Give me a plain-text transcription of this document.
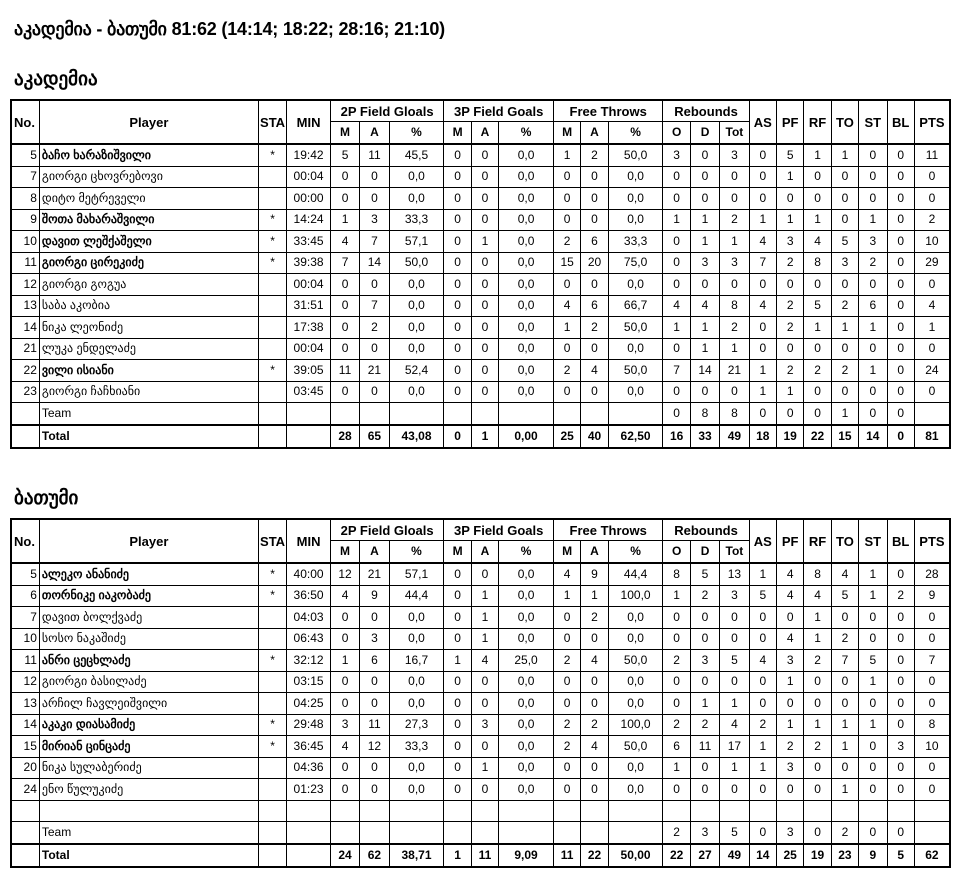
აკადემია - ბათუმი 81:62 (14:14; 18:22; 28:16; 21:10)
აკადემია
No.	Player	STA	MIN	2P Field Gloals			3P Field Goals			Free Throws			Rebounds			AS	PF	RF	TO	ST	BL	PTS
				M	A	%	M	A	%	M	A	%	O	D	Tot							
5	ბაჩო ხარაზიშვილი	*	19:42	5	11	45,5	0	0	0,0	1	2	50,0	3	0	3	0	5	1	1	0	0	11
7	გიორგი ცხოვრებოვი		00:04	0	0	0,0	0	0	0,0	0	0	0,0	0	0	0	0	1	0	0	0	0	0
8	დიტო მეტრეველი		00:00	0	0	0,0	0	0	0,0	0	0	0,0	0	0	0	0	0	0	0	0	0	0
9	შოთა მახარაშვილი	*	14:24	1	3	33,3	0	0	0,0	0	0	0,0	1	1	2	1	1	1	0	1	0	2
10	დავით ლეშქაშელი	*	33:45	4	7	57,1	0	1	0,0	2	6	33,3	0	1	1	4	3	4	5	3	0	10
11	გიორგი ცირეკიძე	*	39:38	7	14	50,0	0	0	0,0	15	20	75,0	0	3	3	7	2	8	3	2	0	29
12	გიორგი გოგუა		00:04	0	0	0,0	0	0	0,0	0	0	0,0	0	0	0	0	0	0	0	0	0	0
13	საბა აკობია		31:51	0	7	0,0	0	0	0,0	4	6	66,7	4	4	8	4	2	5	2	6	0	4
14	ნიკა ლეონიძე		17:38	0	2	0,0	0	0	0,0	1	2	50,0	1	1	2	0	2	1	1	1	0	1
21	ლუკა ენდელაძე		00:04	0	0	0,0	0	0	0,0	0	0	0,0	0	1	1	0	0	0	0	0	0	0
22	ვილი ისიანი	*	39:05	11	21	52,4	0	0	0,0	2	4	50,0	7	14	21	1	2	2	2	1	0	24
23	გიორგი ჩაჩხიანი		03:45	0	0	0,0	0	0	0,0	0	0	0,0	0	0	0	1	1	0	0	0	0	0
	Team												0	8	8	0	0	0	1	0	0	
	Total			28	65	43,08	0	1	0,00	25	40	62,50	16	33	49	18	19	22	15	14	0	81
ბათუმი
No.	Player	STA	MIN	2P Field Gloals			3P Field Goals			Free Throws			Rebounds			AS	PF	RF	TO	ST	BL	PTS
				M	A	%	M	A	%	M	A	%	O	D	Tot							
5	ალეკო ანანიძე	*	40:00	12	21	57,1	0	0	0,0	4	9	44,4	8	5	13	1	4	8	4	1	0	28
6	თორნიკე იაკობაძე	*	36:50	4	9	44,4	0	1	0,0	1	1	100,0	1	2	3	5	4	4	5	1	2	9
7	დავით ბოლქვაძე		04:03	0	0	0,0	0	1	0,0	0	2	0,0	0	0	0	0	0	1	0	0	0	0
10	სოსო ნაკაშიძე		06:43	0	3	0,0	0	1	0,0	0	0	0,0	0	0	0	0	4	1	2	0	0	0
11	ანრი ცეცხლაძე	*	32:12	1	6	16,7	1	4	25,0	2	4	50,0	2	3	5	4	3	2	7	5	0	7
12	გიორგი ბასილაძე		03:15	0	0	0,0	0	0	0,0	0	0	0,0	0	0	0	0	1	0	0	1	0	0
13	არჩილ ჩავლეიშვილი		04:25	0	0	0,0	0	0	0,0	0	0	0,0	0	1	1	0	0	0	0	0	0	0
14	აკაკი დიასამიძე	*	29:48	3	11	27,3	0	3	0,0	2	2	100,0	2	2	4	2	1	1	1	1	0	8
15	მირიან ცინცაძე	*	36:45	4	12	33,3	0	0	0,0	2	4	50,0	6	11	17	1	2	2	1	0	3	10
20	ნიკა სულაბერიძე		04:36	0	0	0,0	0	1	0,0	0	0	0,0	1	0	1	1	3	0	0	0	0	0
24	ენო წულუკიძე		01:23	0	0	0,0	0	0	0,0	0	0	0,0	0	0	0	0	0	0	1	0	0	0

	Team												2	3	5	0	3	0	2	0	0	
	Total			24	62	38,71	1	11	9,09	11	22	50,00	22	27	49	14	25	19	23	9	5	62
